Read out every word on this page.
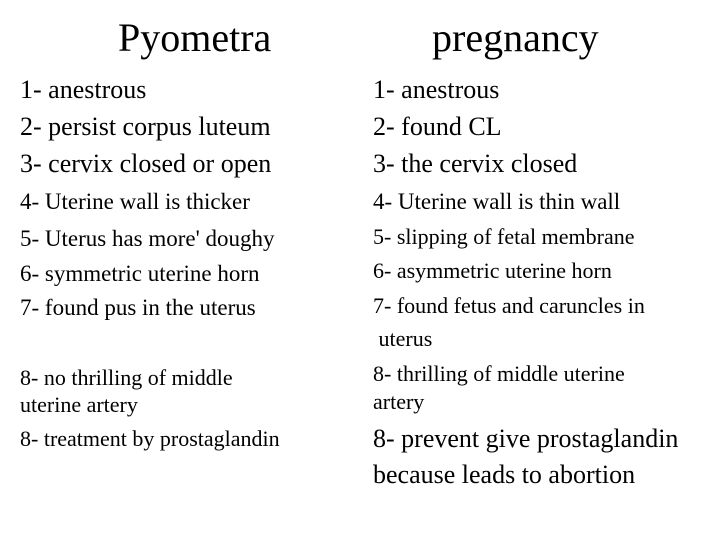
Pyometra
1- anestrous
2- persist corpus luteum
3- cervix closed or open
4- Uterine wall is thicker
5- Uterus has more' doughy
6- symmetric uterine horn
7- found pus in the uterus
8- no thrilling of middle
uterine artery
8- treatment by prostaglandin
pregnancy
1- anestrous
2- found CL
3- the cervix closed
4- Uterine wall is thin wall
5- slipping of fetal membrane
6- asymmetric uterine horn
7- found fetus and caruncles in
uterus
8- thrilling of middle uterine
artery
8- prevent give prostaglandin
because leads to abortion
